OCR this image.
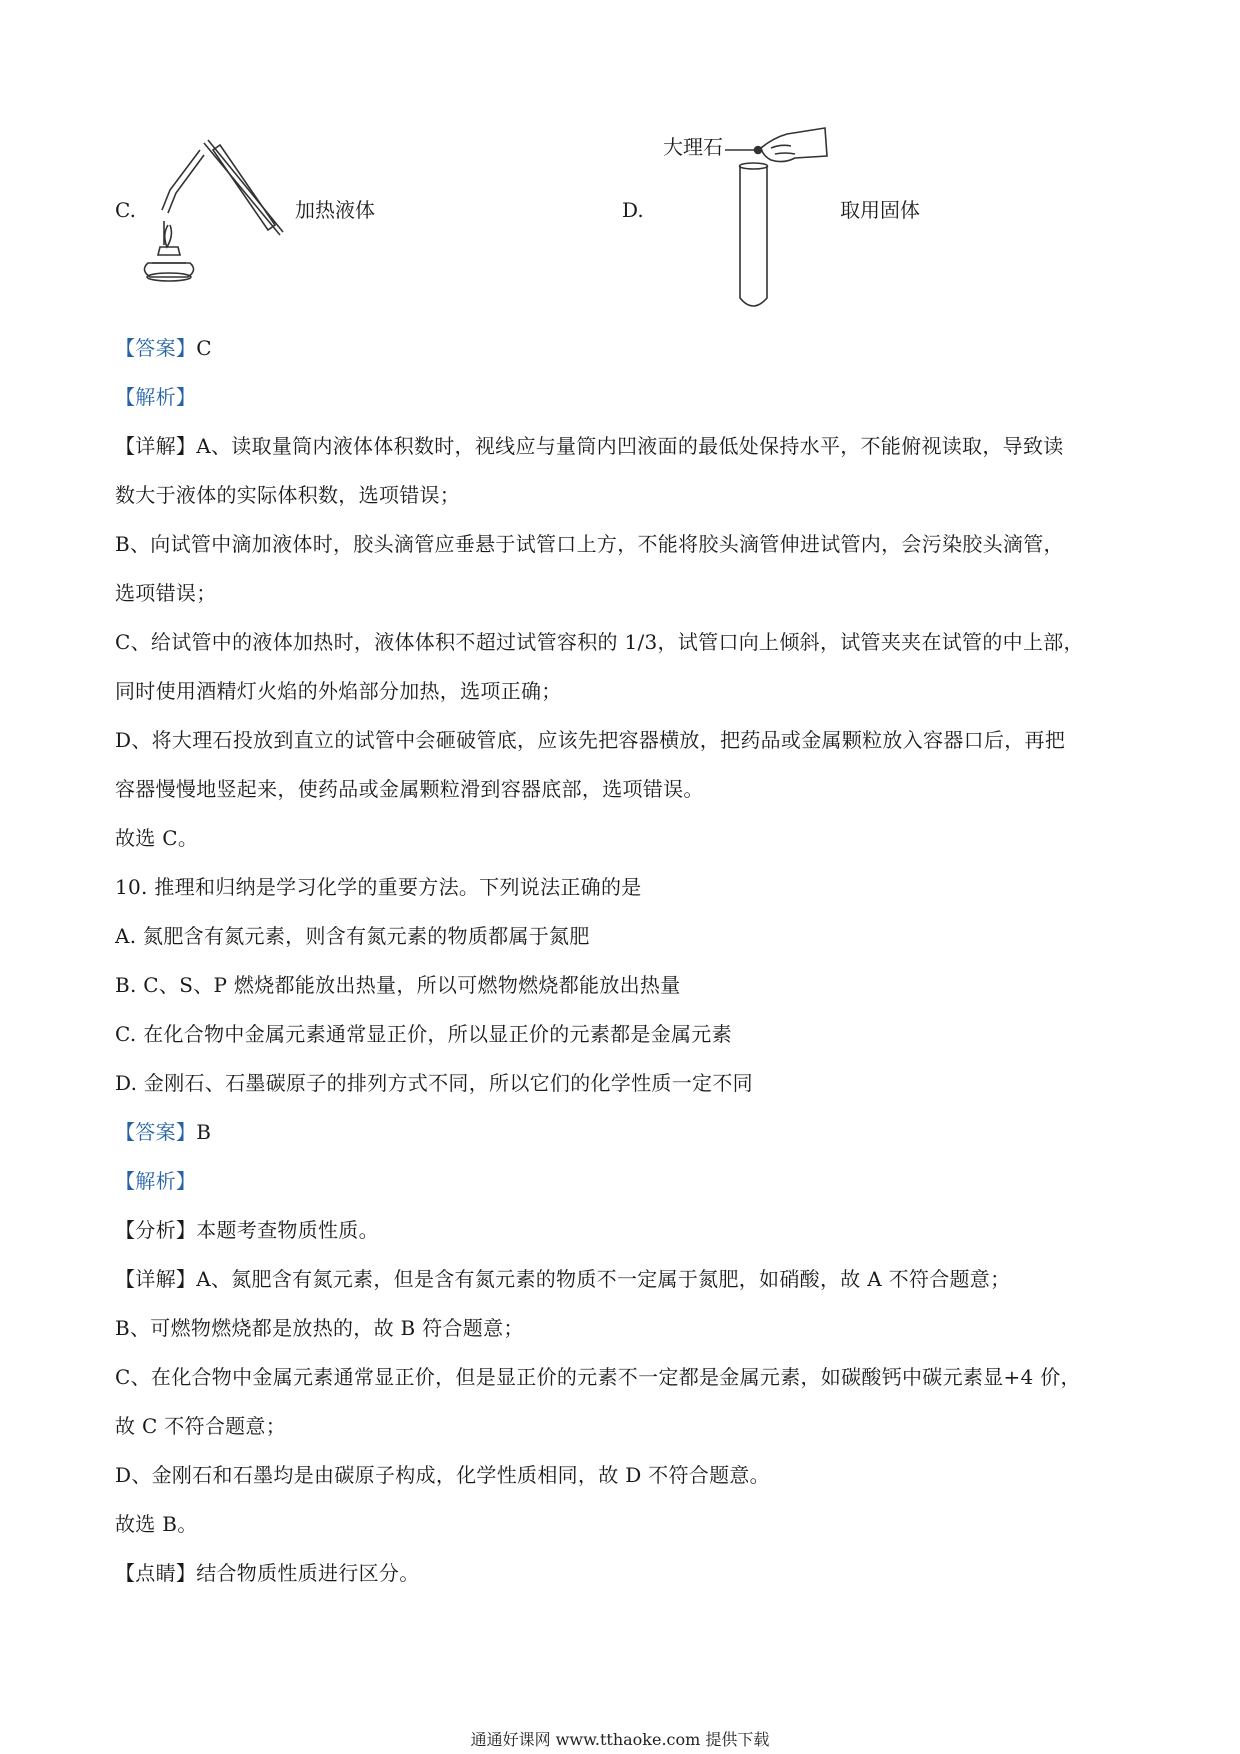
C.	加热液体	D.
大理石
取用固体
【答案】C
【解析】
【详解】A、读取量筒内液体体积数时，视线应与量筒内凹液面的最低处保持水平，不能俯视读取，导致读
数大于液体的实际体积数，选项错误；
B、向试管中滴加液体时，胶头滴管应垂悬于试管口上方，不能将胶头滴管伸进试管内，会污染胶头滴管，
选项错误；
C、给试管中的液体加热时，液体体积不超过试管容积的 1/3，试管口向上倾斜，试管夹夹在试管的中上部，
同时使用酒精灯火焰的外焰部分加热，选项正确；
D、将大理石投放到直立的试管中会砸破管底，应该先把容器横放，把药品或金属颗粒放入容器口后，再把
容器慢慢地竖起来，使药品或金属颗粒滑到容器底部，选项错误。
故选 C。
10. 推理和归纳是学习化学的重要方法。下列说法正确的是
A. 氮肥含有氮元素，则含有氮元素的物质都属于氮肥
B. C、S、P 燃烧都能放出热量，所以可燃物燃烧都能放出热量
C. 在化合物中金属元素通常显正价，所以显正价的元素都是金属元素
D. 金刚石、石墨碳原子的排列方式不同，所以它们的化学性质一定不同
【答案】B
【解析】
【分析】本题考查物质性质。
【详解】A、氮肥含有氮元素，但是含有氮元素的物质不一定属于氮肥，如硝酸，故 A 不符合题意；
B、可燃物燃烧都是放热的，故 B 符合题意；
C、在化合物中金属元素通常显正价，但是显正价的元素不一定都是金属元素，如碳酸钙中碳元素显+4 价，
故 C 不符合题意；
D、金刚石和石墨均是由碳原子构成，化学性质相同，故 D 不符合题意。
故选 B。
【点睛】结合物质性质进行区分。
通通好课网 www.tthaoke.com 提供下载
